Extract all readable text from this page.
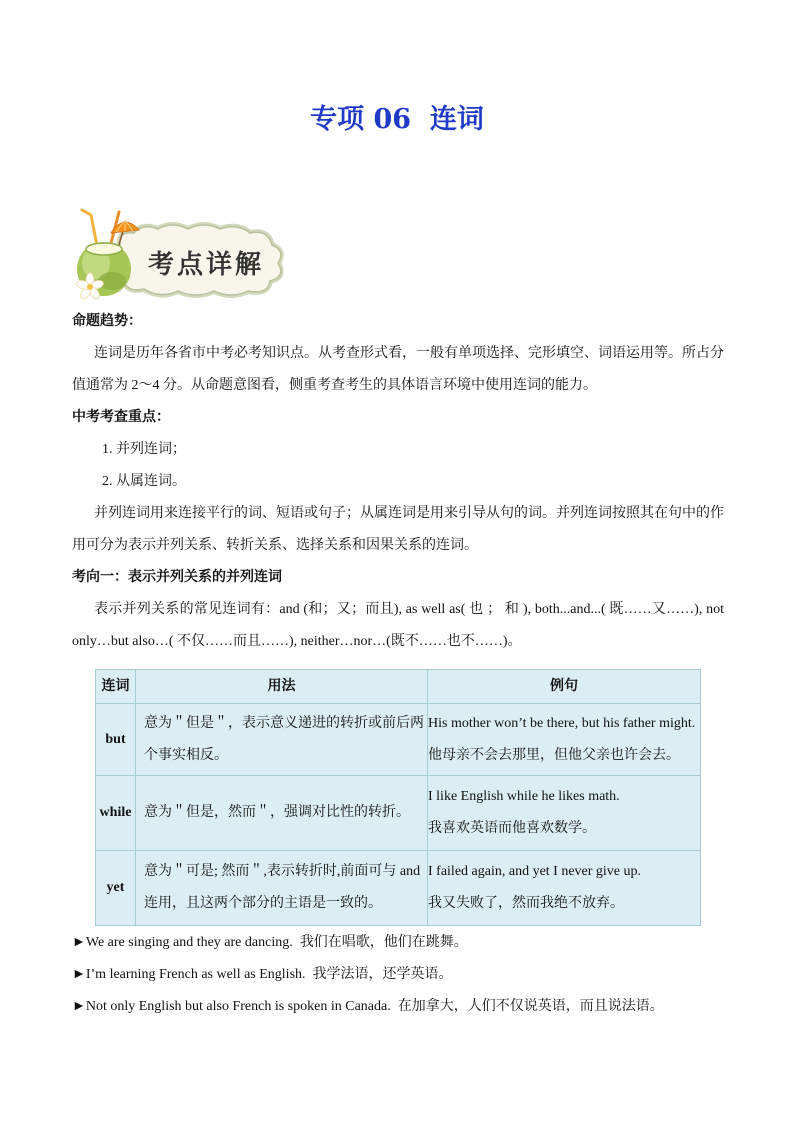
专项 06  连词
考点详解

命题趋势：

连词是历年各省市中考必考知识点。从考查形式看，一般有单项选择、完形填空、词语运用等。所占分值通常为 2～4 分。从命题意图看，侧重考查考生的具体语言环境中使用连词的能力。

中考考查重点：

1. 并列连词；

2. 从属连词。

并列连词用来连接平行的词、短语或句子；从属连词是用来引导从句的词。并列连词按照其在句中的作用可分为表示并列关系、转折关系、选择关系和因果关系的连词。

考向一：表示并列关系的并列连词

表示并列关系的常见连词有：and (和；又；而且), as well as( 也 ； 和 ), both...and...( 既……又……), not only…but also…( 不仅……而且……), neither…nor…(既不……也不……)。

连词	用法	例句
but	意为＂但是＂，表示意义递进的转折或前后两个事实相反。	His mother won’t be there, but his father might.
他母亲不会去那里，但他父亲也许会去。

while	意为＂但是，然而＂，强调对比性的转折。	I like English while he likes math.
我喜欢英语而他喜欢数学。

yet	意为＂可是; 然而＂,表示转折时,前面可与 and 连用，且这两个部分的主语是一致的。	I failed again, and yet I never give up.
我又失败了，然而我绝不放弃。

►We are singing and they are dancing.  我们在唱歌，他们在跳舞。

►I’m learning French as well as English.  我学法语，还学英语。

►Not only English but also French is spoken in Canada.  在加拿大，人们不仅说英语，而且说法语。
